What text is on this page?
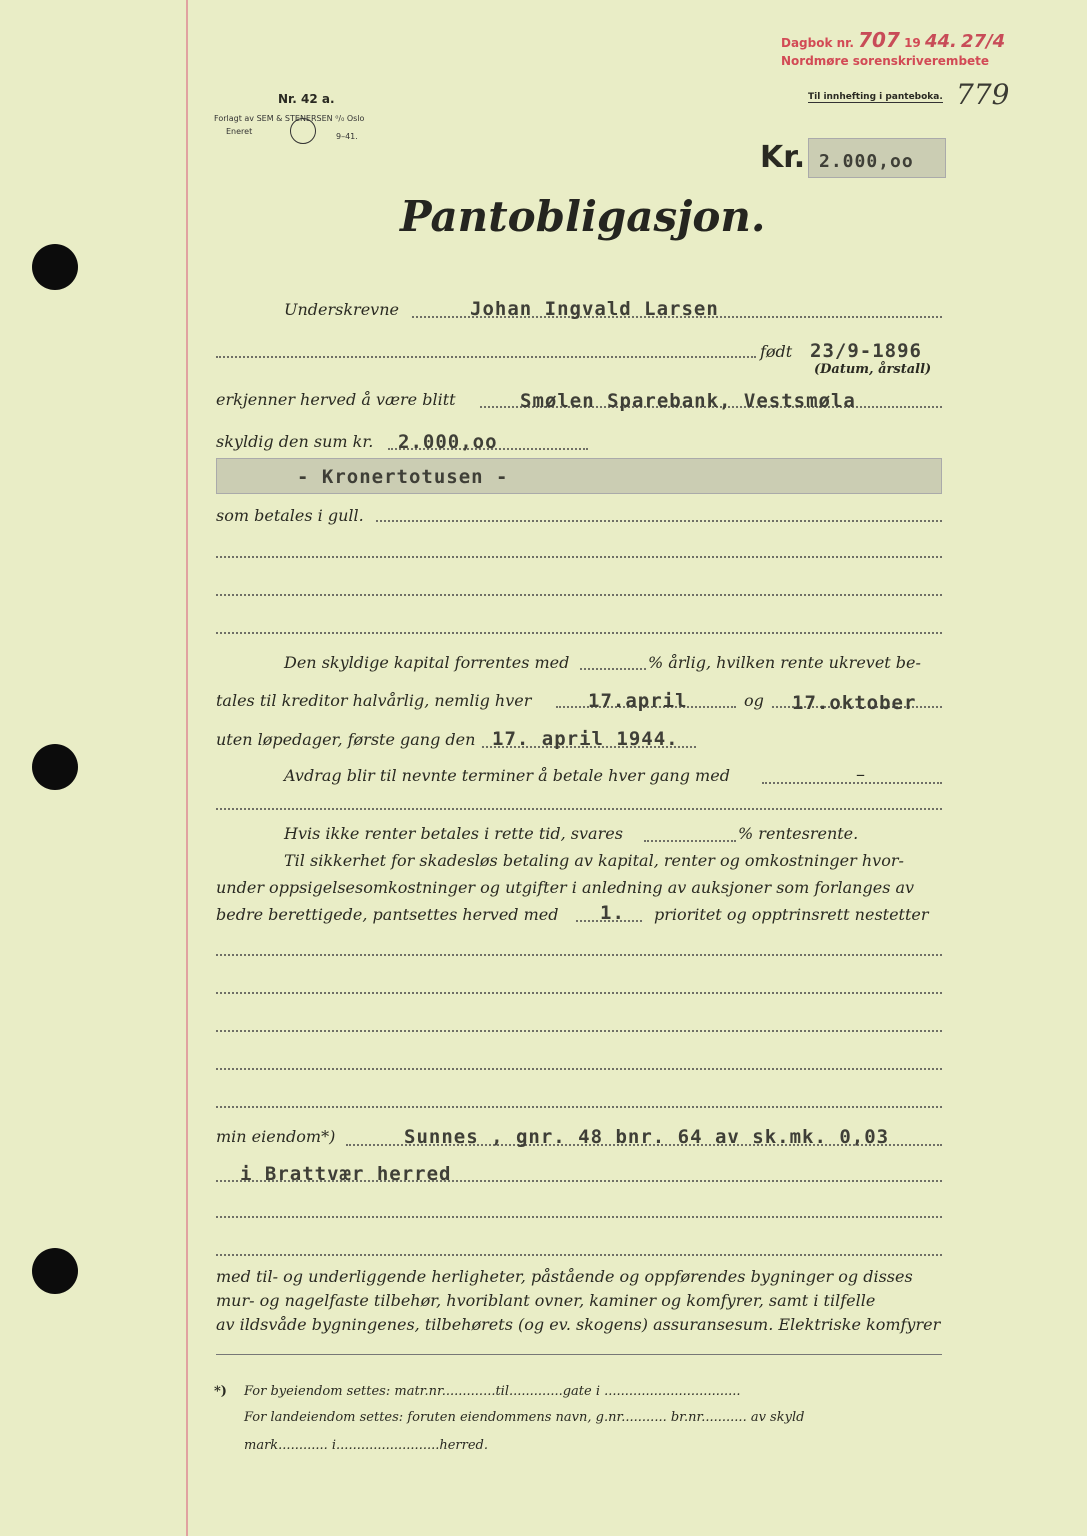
Dagbok nr. 707 19 44. 27/4
Nordmøre sorenskriverembete
779
Nr. 42 a.
Forlagt av SEM & STENERSEN ⁰/₀ Oslo
Eneret
9–41.
Til innhefting i panteboka.
Kr. 2.000,oo
Pantobligasjon.
Underskrevne	Johan Ingvald Larsen
født 23/9-1896
(Datum, årstall)
erkjenner herved å være blitt	Smølen Sparebank, Vestsmøla
skyldig den sum kr. 2.000,oo
- Kronertotusen -
som betales i gull.
Den skyldige kapital forrentes med	% årlig, hvilken rente ukrevet be-
tales til kreditor halvårlig, nemlig hver	17.april	og 17.oktober
uten løpedager, første gang den 17. april 1944.
Avdrag blir til nevnte terminer å betale hver gang med	–
Hvis ikke renter betales i rette tid, svares	% rentesrente.
Til sikkerhet for skadesløs betaling av kapital, renter og omkostninger hvor-
under oppsigelsesomkostninger og utgifter i anledning av auksjoner som forlanges av
bedre berettigede, pantsettes herved med 1. prioritet og opptrinsrett nestetter
min eiendom*)	Sunnes , gnr. 48 bnr. 64 av sk.mk. 0,03
i Brattvær herred
med til- og underliggende herligheter, påstående og oppførendes bygninger og disses
mur- og nagelfaste tilbehør, hvoriblant ovner, kaminer og komfyrer, samt i tilfelle
av ildsvåde bygningenes, tilbehørets (og ev. skogens) assuransesum. Elektriske komfyrer
*) For byeiendom settes: matr.nr.............til.............gate i .................................
For landeiendom settes: foruten eiendommens navn, g.nr........... br.nr........... av skyld
mark............ i.........................herred.
